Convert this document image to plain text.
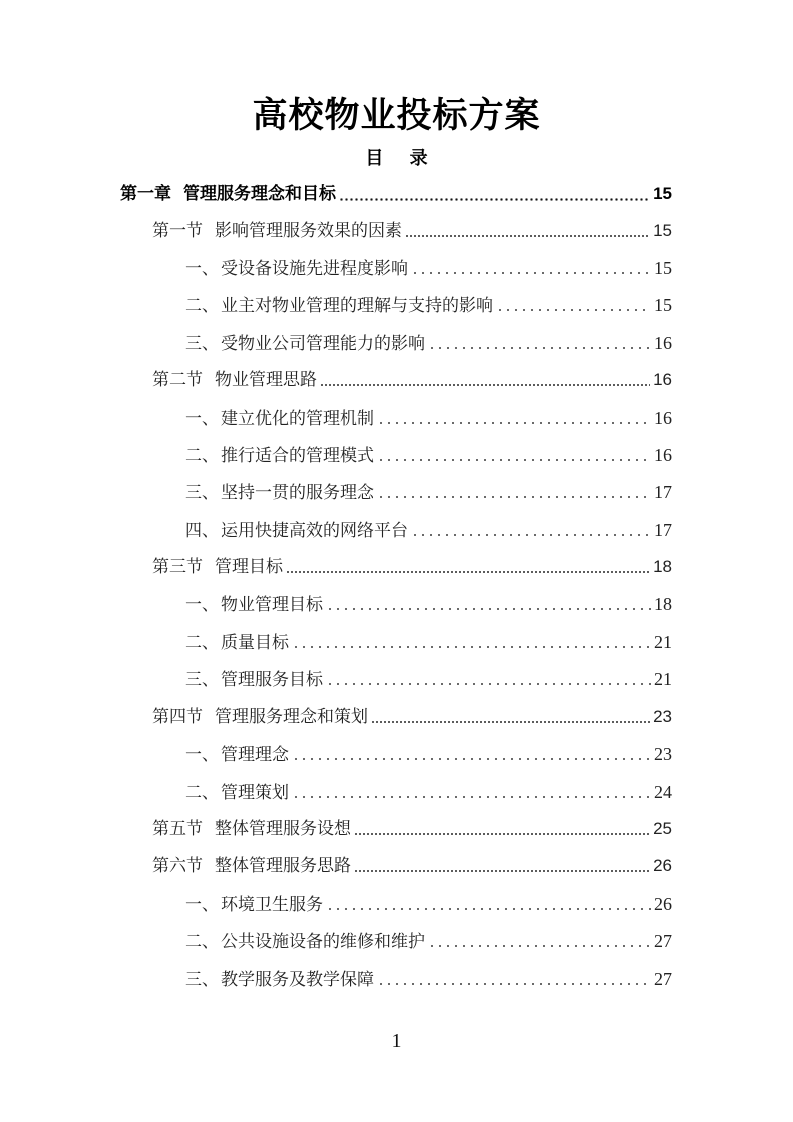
高校物业投标方案
目 录
第一章 管理服务理念和目标	15
第一节 影响管理服务效果的因素	15
一、 受设备设施先进程度影响	15
二、 业主对物业管理的理解与支持的影响	15
三、 受物业公司管理能力的影响	16
第二节 物业管理思路	16
一、 建立优化的管理机制	16
二、 推行适合的管理模式	16
三、 坚持一贯的服务理念	17
四、 运用快捷高效的网络平台	17
第三节 管理目标	18
一、 物业管理目标	18
二、 质量目标	21
三、 管理服务目标	21
第四节 管理服务理念和策划	23
一、 管理理念	23
二、 管理策划	24
第五节 整体管理服务设想	25
第六节 整体管理服务思路	26
一、 环境卫生服务	26
二、 公共设施设备的维修和维护	27
三、 教学服务及教学保障	27
1
